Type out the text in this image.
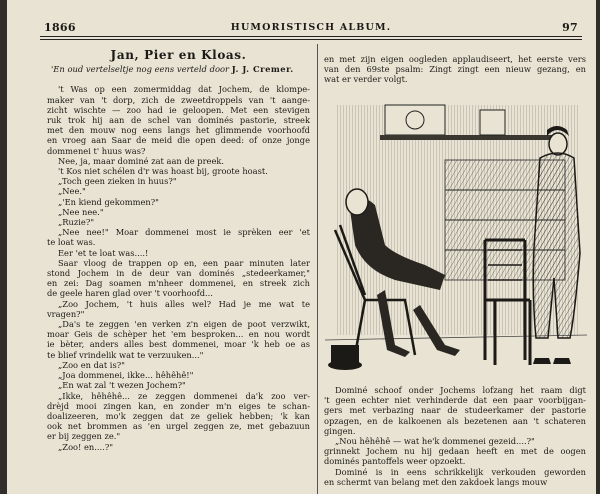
1866	HUMORISTISCH ALBUM.	97
Jan, Pier en Kloas.
'En oud vertelseltje nog eens verteld door J. J. Cremer.
't Was op een zomermiddag dat Jochem, de klompe-
maker van 't dorp, zich de zweetdroppels van 't aange-
zicht wischte — zoo had ie geloopen. Met een stevigen
ruk trok hij aan de schel van dominés pastorie, streek
met den mouw nog eens langs het glimmende voorhoofd
en vroeg aan Saar de meid die open deed: of onze jonge
dommenei t' huus was?
Nee, ja, maar dominé zat aan de preek.
't Kos niet schélen d'r was hoast bij, groote hoast.
„Toch geen zieken in huus?"
„Nee."
„'En kiend gekommen?"
„Nee nee."
„Ruzie?"
„Nee nee!" Moar dommenei most ie sprèken eer 'et
te loat was.
Eer 'et te loat was....!
Saar vloog de trappen op en, een paar minuten later
stond Jochem in de deur van dominés „stedeerkamer,"
en zei: Dag soamen m'nheer dommenei, en streek zich
de geele haren glad over 't voorhoofd...
„Zoo Jochem, 't huis alles wel? Had je me wat te
vragen?"
„Da's te zeggen 'en verken z'n eigen de poot verzwikt,
moar Geis de schèper het 'em besproken... en nou wordt
ie bèter, anders alles best dommenei, moar 'k heb oe as
te blief vrindelik wat te verzuuken..."
„Zoo en dat is?"
„Joa dommenei, ikke... hêhêhê!"
„En wat zal 't wezen Jochem?"
„Ikke, hêhêhê... ze zeggen dommenei da'k zoo ver-
drèjd mooi zingen kan, en zonder m'n eiges te schan-
doalizeeren, mo'k zeggen dat ze geliek hebben; 'k kan
ook net brommen as 'en urgel zeggen ze, met gebazuun
er bij zeggen ze."
„Zoo! en....?"
en met zijn eigen oogleden applaudiseert, het eerste vers
van den 69ste psalm: Zingt zingt een nieuw gezang, en
wat er verder volgt.
Dominé schoof onder Jochems lofzang het raam digt
't geen echter niet verhinderde dat een paar voorbijgan-
gers met verbazing naar de studeerkamer der pastorie
opzagen, en de kalkoenen als bezetenen aan 't schateren
gingen.
„Nou hêhêhê — wat he'k dommenei gezeid....?"
grinnekt Jochem nu hij gedaan heeft en met de oogen
dominés pantoffels weer opzoekt.
Dominé is in eens schrikkelijk verkouden geworden
en schermt van belang met den zakdoek langs mouw
